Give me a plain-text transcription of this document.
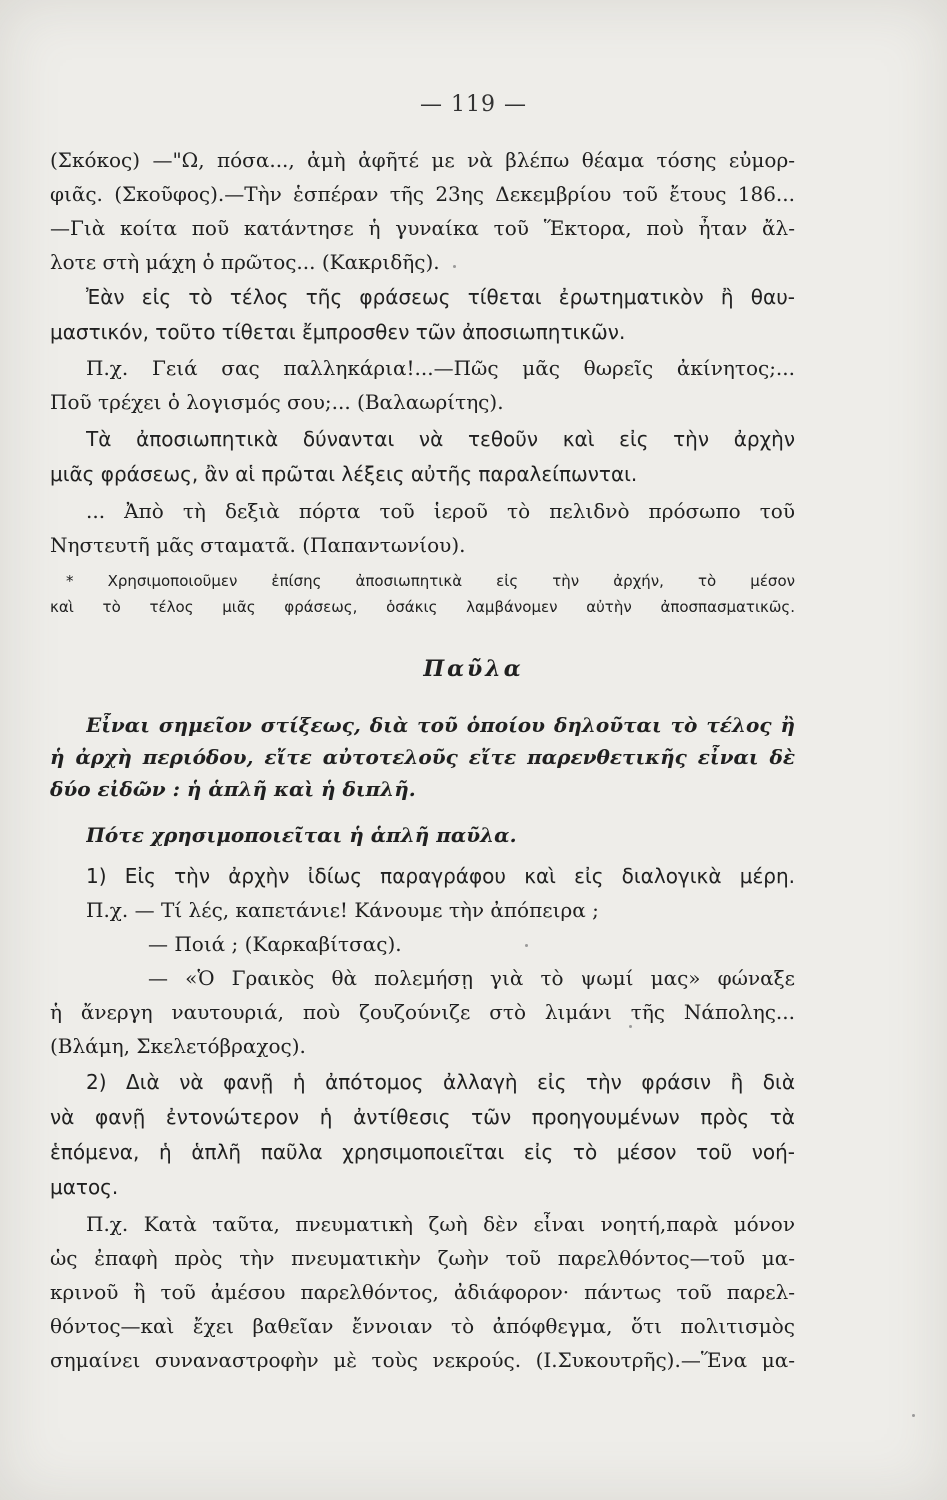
— 119 —
(Σκόκος) —"Ω, πόσα..., ἀμὴ ἀφῆτέ με νὰ βλέπω θέαμα τόσης εὐμορ-
φιᾶς. (Σκοῦφος).—Τὴν ἑσπέραν τῆς 23ης Δεκεμβρίου τοῦ ἔτους 186...
—Γιὰ κοίτα ποῦ κατάντησε ἡ γυναίκα τοῦ Ἕκτορα, ποὺ ἦταν ἄλ-
λοτε στὴ μάχη ὁ πρῶτος... (Κακριδῆς).
Ἐὰν εἰς τὸ τέλος τῆς φράσεως τίθεται ἐρωτηματικὸν ἢ θαυ-
μαστικόν, τοῦτο τίθεται ἔμπροσθεν τῶν ἀποσιωπητικῶν.
Π.χ. Γειά σας παλληκάρια!...—Πῶς μᾶς θωρεῖς ἀκίνητος;...
Ποῦ τρέχει ὁ λογισμός σου;... (Βαλαωρίτης).
Τὰ ἀποσιωπητικὰ δύνανται νὰ τεθοῦν καὶ εἰς τὴν ἀρχὴν
μιᾶς φράσεως, ἂν αἱ πρῶται λέξεις αὐτῆς παραλείπωνται.
... Ἀπὸ τὴ δεξιὰ πόρτα τοῦ ἱεροῦ τὸ πελιδνὸ πρόσωπο τοῦ
Νηστευτῆ μᾶς σταματᾶ. (Παπαντωνίου).
* Χρησιμοποιοῦμεν ἐπίσης ἀποσιωπητικὰ εἰς τὴν ἀρχήν, τὸ μέσον
καὶ τὸ τέλος μιᾶς φράσεως, ὁσάκις λαμβάνομεν αὐτὴν ἀποσπασματικῶς.
Παῦλα
Εἶναι σημεῖον στίξεως, διὰ τοῦ ὁποίου δηλοῦται τὸ τέλος ἢ
ἡ ἀρχὴ περιόδου, εἴτε αὐτοτελοῦς εἴτε παρενθετικῆς εἶναι δὲ
δύο εἰδῶν : ἡ ἁπλῆ καὶ ἡ διπλῆ.
Πότε χρησιμοποιεῖται ἡ ἁπλῆ παῦλα.
1) Εἰς τὴν ἀρχὴν ἰδίως παραγράφου καὶ εἰς διαλογικὰ μέρη.
Π.χ. — Τί λές, καπετάνιε! Κάνουμε τὴν ἀπόπειρα ;
— Ποιά ; (Καρκαβίτσας).
— «Ὁ Γραικὸς θὰ πολεμήσῃ γιὰ τὸ ψωμί μας» φώναξε
ἡ ἄνεργη ναυτουριά, ποὺ ζουζούνιζε στὸ λιμάνι τῆς Νάπολης...
(Βλάμη, Σκελετόβραχος).
2) Διὰ νὰ φανῇ ἡ ἀπότομος ἀλλαγὴ εἰς τὴν φράσιν ἢ διὰ
νὰ φανῇ ἐντονώτερον ἡ ἀντίθεσις τῶν προηγουμένων πρὸς τὰ
ἑπόμενα, ἡ ἁπλῆ παῦλα χρησιμοποιεῖται εἰς τὸ μέσον τοῦ νοή-
ματος.
Π.χ. Κατὰ ταῦτα, πνευματικὴ ζωὴ δὲν εἶναι νοητή,παρὰ μόνον
ὡς ἐπαφὴ πρὸς τὴν πνευματικὴν ζωὴν τοῦ παρελθόντος—τοῦ μα-
κρινοῦ ἢ τοῦ ἀμέσου παρελθόντος, ἀδιάφορον· πάντως τοῦ παρελ-
θόντος—καὶ ἔχει βαθεῖαν ἔννοιαν τὸ ἀπόφθεγμα, ὅτι πολιτισμὸς
σημαίνει συναναστροφὴν μὲ τοὺς νεκρούς. (Ι.Συκουτρῆς).—Ἕνα μα-
